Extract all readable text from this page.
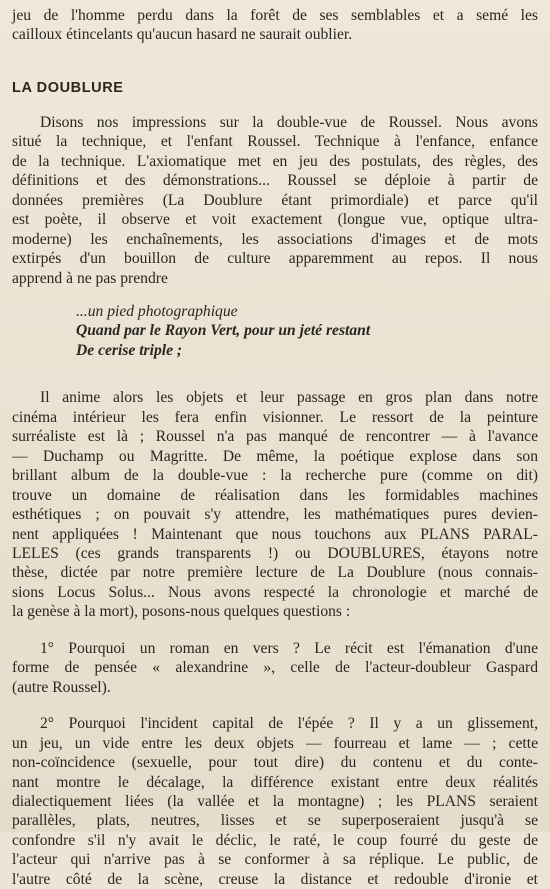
jeu de l'homme perdu dans la forêt de ses semblables et a semé les
cailloux étincelants qu'aucun hasard ne saurait oublier.
LA DOUBLURE
Disons nos impressions sur la double-vue de Roussel. Nous avons
situé la technique, et l'enfant Roussel. Technique à l'enfance, enfance
de la technique. L'axiomatique met en jeu des postulats, des règles, des
définitions et des démonstrations... Roussel se déploie à partir de
données premières (La Doublure étant primordiale) et parce qu'il
est poète, il observe et voit exactement (longue vue, optique ultra-
moderne) les enchaînements, les associations d'images et de mots
extirpés d'un bouillon de culture apparemment au repos. Il nous
apprend à ne pas prendre
...un pied photographique
Quand par le Rayon Vert, pour un jeté restant
De cerise triple ;
Il anime alors les objets et leur passage en gros plan dans notre
cinéma intérieur les fera enfin visionner. Le ressort de la peinture
surréaliste est là ; Roussel n'a pas manqué de rencontrer — à l'avance
— Duchamp ou Magritte. De même, la poétique explose dans son
brillant album de la double-vue : la recherche pure (comme on dit)
trouve un domaine de réalisation dans les formidables machines
esthétiques ; on pouvait s'y attendre, les mathématiques pures devien-
nent appliquées ! Maintenant que nous touchons aux PLANS PARAL-
LELES (ces grands transparents !) ou DOUBLURES, étayons notre
thèse, dictée par notre première lecture de La Doublure (nous connais-
sions Locus Solus... Nous avons respecté la chronologie et marché de
la genèse à la mort), posons-nous quelques questions :
1° Pourquoi un roman en vers ? Le récit est l'émanation d'une
forme de pensée « alexandrine », celle de l'acteur-doubleur Gaspard
(autre Roussel).
2° Pourquoi l'incident capital de l'épée ? Il y a un glissement,
un jeu, un vide entre les deux objets — fourreau et lame — ; cette
non-coïncidence (sexuelle, pour tout dire) du contenu et du conte-
nant montre le décalage, la différence existant entre deux réalités
dialectiquement liées (la vallée et la montagne) ; les PLANS seraient
parallèles, plats, neutres, lisses et se superposeraient jusqu'à se
confondre s'il n'y avait le déclic, le raté, le coup fourré du geste de
l'acteur qui n'arrive pas à se conformer à sa réplique. Le public, de
l'autre côté de la scène, creuse la distance et redouble d'ironie et
